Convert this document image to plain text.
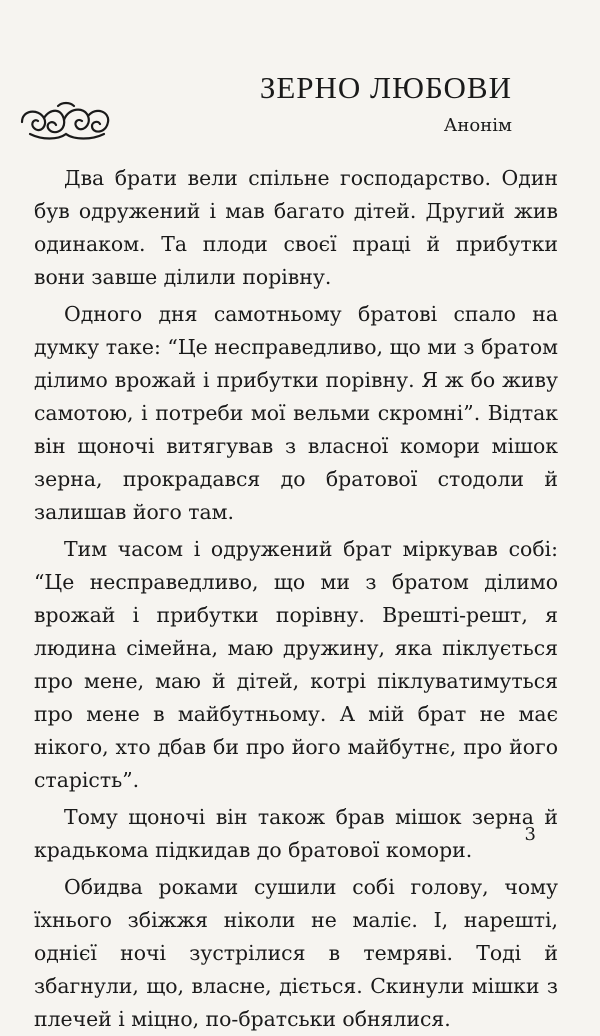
ЗЕРНО ЛЮБОВИ

Анонім

Два брати вели спільне господарство. Один був одружений і мав багато дітей. Другий жив одинаком. Та плоди своєї праці й прибутки вони завше ділили порівну.

Одного дня самотньому братові спало на думку таке: “Це несправедливо, що ми з братом ділимо врожай і прибутки порівну. Я ж бо живу самотою, і потреби мої вельми скромні”. Відтак він щоночі витягував з власної комори мішок зерна, прокрадався до братової стодоли й залишав його там.

Тим часом і одружений брат міркував собі: “Це несправедливо, що ми з братом ділимо врожай і прибутки порівну. Врешті-решт, я людина сімейна, маю дружину, яка піклується про мене, маю й дітей, котрі піклуватимуться про мене в майбутньому. А мій брат не має нікого, хто дбав би про його майбутнє, про його старість”.

Тому щоночі він також брав мішок зерна й крадькома підкидав до братової комори.

Обидва роками сушили собі голову, чому їхнього збіжжя ніколи не маліє. І, нарешті, однієї ночі зустрілися в темряві. Тоді й збагнули, що, власне, діється. Скинули мішки з плечей і міцно, по-братськи обнялися.

3
